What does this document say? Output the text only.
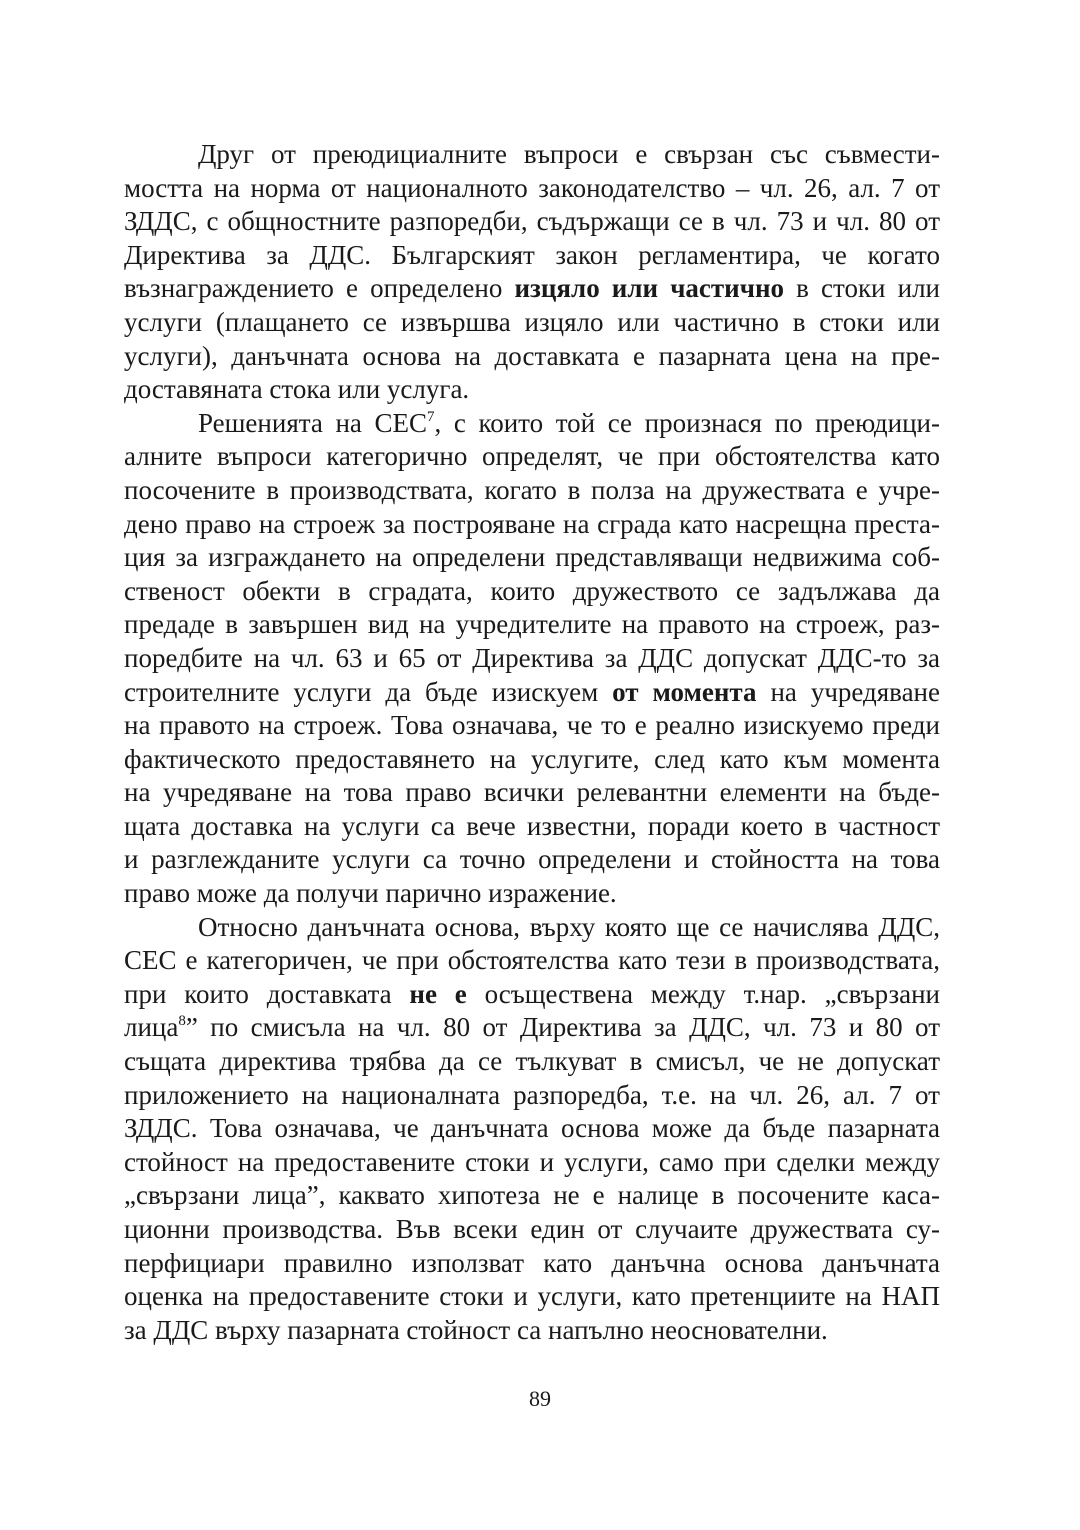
Друг от преюдициалните въпроси е свързан със съвмести-
мостта на норма от националното законодателство – чл. 26, ал. 7 от
ЗДДС, с общностните разпоредби, съдържащи се в чл. 73 и чл. 80 от
Директива за ДДС. Българският закон регламентира, че когато
възнаграждението е определено изцяло или частично в стоки или
услуги (плащането се извършва изцяло или частично в стоки или
услуги), данъчната основа на доставката е пазарната цена на пре-
доставяната стока или услуга.
Решенията на СЕС$^7$, с които той се произнася по преюдици-
алните въпроси категорично определят, че при обстоятелства като
посочените в производствата, когато в полза на дружествата е учре-
дено право на строеж за построяване на сграда като насрещна преста-
ция за изграждането на определени представляващи недвижима соб-
ственост обекти в сградата, които дружеството се задължава да
предаде в завършен вид на учредителите на правото на строеж, раз-
поредбите на чл. 63 и 65 от Директива за ДДС допускат ДДС-то за
строителните услуги да бъде изискуем от момента на учредяване
на правото на строеж. Това означава, че то е реално изискуемо преди
фактическото предоставянето на услугите, след като към момента
на учредяване на това право всички релевантни елементи на бъде-
щата доставка на услуги са вече известни, поради което в частност
и разглежданите услуги са точно определени и стойността на това
право може да получи парично изражение.
Относно данъчната основа, върху която ще се начислява ДДС,
СЕС е категоричен, че при обстоятелства като тези в производствата,
при които доставката не е осъществена между т.нар. „свързани
лица$^8$” по смисъла на чл. 80 от Директива за ДДС, чл. 73 и 80 от
същата директива трябва да се тълкуват в смисъл, че не допускат
приложението на националната разпоредба, т.е. на чл. 26, ал. 7 от
ЗДДС. Това означава, че данъчната основа може да бъде пазарната
стойност на предоставените стоки и услуги, само при сделки между
„свързани лица”, каквато хипотеза не е налице в посочените каса-
ционни производства. Във всеки един от случаите дружествата су-
перфициари правилно използват като данъчна основа данъчната
оценка на предоставените стоки и услуги, като претенциите на НАП
за ДДС върху пазарната стойност са напълно неоснователни.
89
